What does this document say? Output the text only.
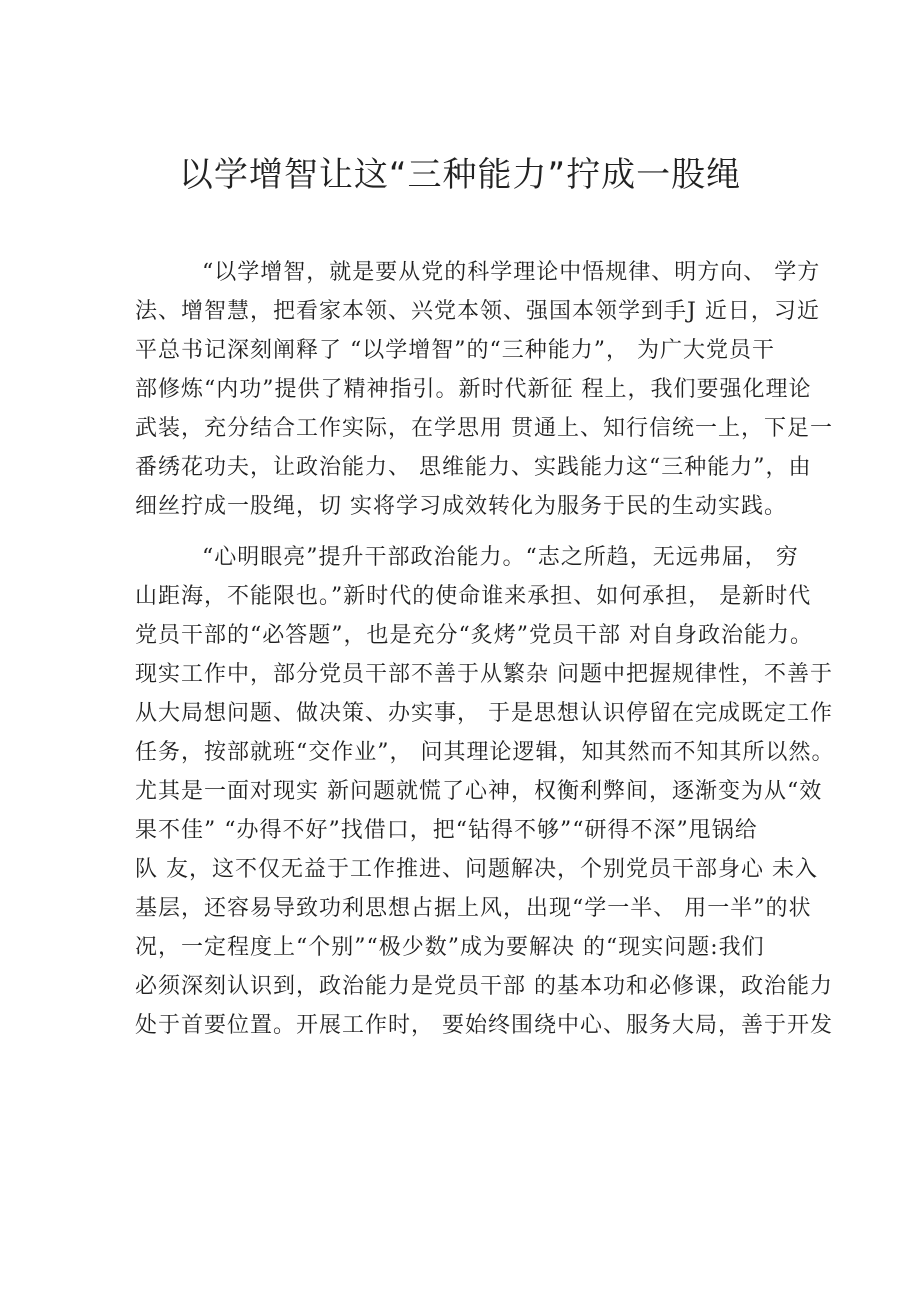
以学增智让这“三种能力”拧成一股绳
“以学增智，就是要从党的科学理论中悟规律、明方向、 学方
法、增智慧，把看家本领、兴党本领、强国本领学到手J 近日，习近
平总书记深刻阐释了 “以学增智”的“三种能力”， 为广大党员干
部修炼“内功”提供了精神指引。新时代新征 程上，我们要强化理论
武装，充分结合工作实际，在学思用 贯通上、知行信统一上，下足一
番绣花功夫，让政治能力、 思维能力、实践能力这“三种能力”，由
细丝拧成一股绳，切 实将学习成效转化为服务于民的生动实践。
“心明眼亮”提升干部政治能力。“志之所趋，无远弗届， 穷
山距海，不能限也。”新时代的使命谁来承担、如何承担， 是新时代
党员干部的“必答题”，也是充分“炙烤”党员干部 对自身政治能力。
现实工作中，部分党员干部不善于从繁杂 问题中把握规律性，不善于
从大局想问题、做决策、办实事， 于是思想认识停留在完成既定工作
任务，按部就班“交作业”， 问其理论逻辑，知其然而不知其所以然。
尤其是一面对现实 新问题就慌了心神，权衡利弊间，逐渐变为从“效
果不佳” “办得不好”找借口，把“钻得不够”“研得不深”甩锅给
队 友，这不仅无益于工作推进、问题解决，个别党员干部身心 未入
基层，还容易导致功利思想占据上风，出现“学一半、 用一半”的状
况，一定程度上“个别”“极少数”成为要解决 的“现实问题:我们
必须深刻认识到，政治能力是党员干部 的基本功和必修课，政治能力
处于首要位置。开展工作时， 要始终围绕中心、服务大局，善于开发
